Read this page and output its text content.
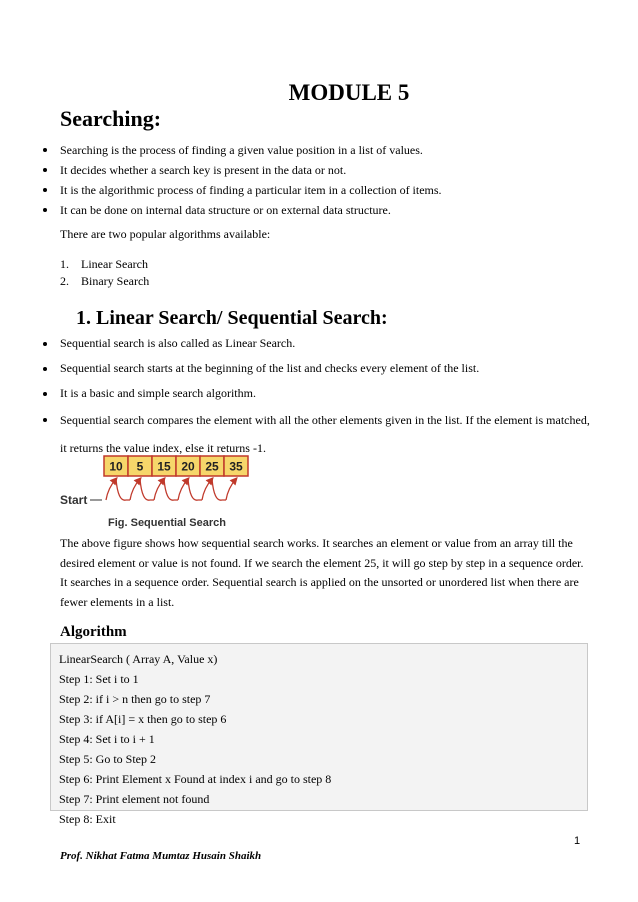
MODULE 5
Searching:
Searching is the process of finding a given value position in a list of values.
It decides whether a search key is present in the data or not.
It is the algorithmic process of finding a particular item in a collection of items.
It can be done on internal data structure or on external data structure.
There are two popular algorithms available:
1. Linear Search
2. Binary Search
1. Linear Search/ Sequential Search:
Sequential search is also called as Linear Search.
Sequential search starts at the beginning of the list and checks every element of the list.
It is a basic and simple search algorithm.
Sequential search compares the element with all the other elements given in the list. If the element is matched, it returns the value index, else it returns -1.
10 5 15 20 25 35
Start
Fig. Sequential Search
The above figure shows how sequential search works. It searches an element or value from an array till the desired element or value is not found. If we search the element 25, it will go step by step in a sequence order. It searches in a sequence order. Sequential search is applied on the unsorted or unordered list when there are fewer elements in a list.
Algorithm
LinearSearch ( Array A, Value x)
Step 1: Set i to 1
Step 2: if i > n then go to step 7
Step 3: if A[i] = x then go to step 6
Step 4: Set i to i + 1
Step 5: Go to Step 2
Step 6: Print Element x Found at index i and go to step 8
Step 7: Print element not found
Step 8: Exit
1
Prof. Nikhat Fatma Mumtaz Husain Shaikh
